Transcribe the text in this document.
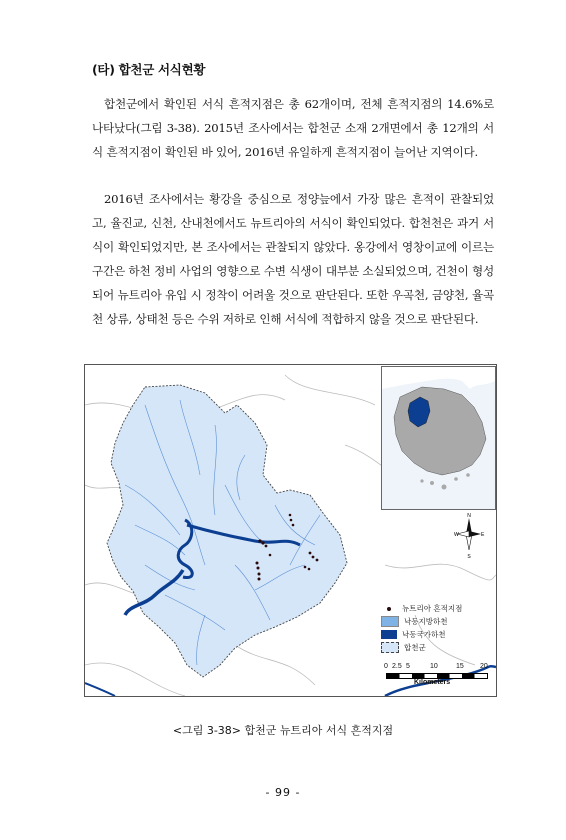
(타) 합천군 서식현황
합천군에서 확인된 서식 흔적지점은 총 62개이며, 전체 흔적지점의 14.6%로 나타났다(그림 3-38). 2015년 조사에서는 합천군 소재 2개면에서 총 12개의 서식 흔적지점이 확인된 바 있어, 2016년 유일하게 흔적지점이 늘어난 지역이다.
2016년 조사에서는 황강을 중심으로 정양늪에서 가장 많은 흔적이 관찰되었고, 율진교, 신천, 산내천에서도 뉴트리아의 서식이 확인되었다. 합천천은 과거 서식이 확인되었지만, 본 조사에서는 관찰되지 않았다. 옹강에서 영창이교에 이르는 구간은 하천 정비 사업의 영향으로 수변 식생이 대부분 소실되었으며, 건천이 형성되어 뉴트리아 유입 시 정착이 어려울 것으로 판단된다. 또한 우곡천, 금양천, 율곡천 상류, 상태천 등은 수위 저하로 인해 서식에 적합하지 않을 것으로 판단된다.
N
S
W	E
뉴트리아 흔적지점
낙동지방하천
낙동국가하천
합천군
0 2.5 5	10	15 20
Kilometers
<그림 3-38> 합천군 뉴트리아 서식 흔적지점
- 99 -
